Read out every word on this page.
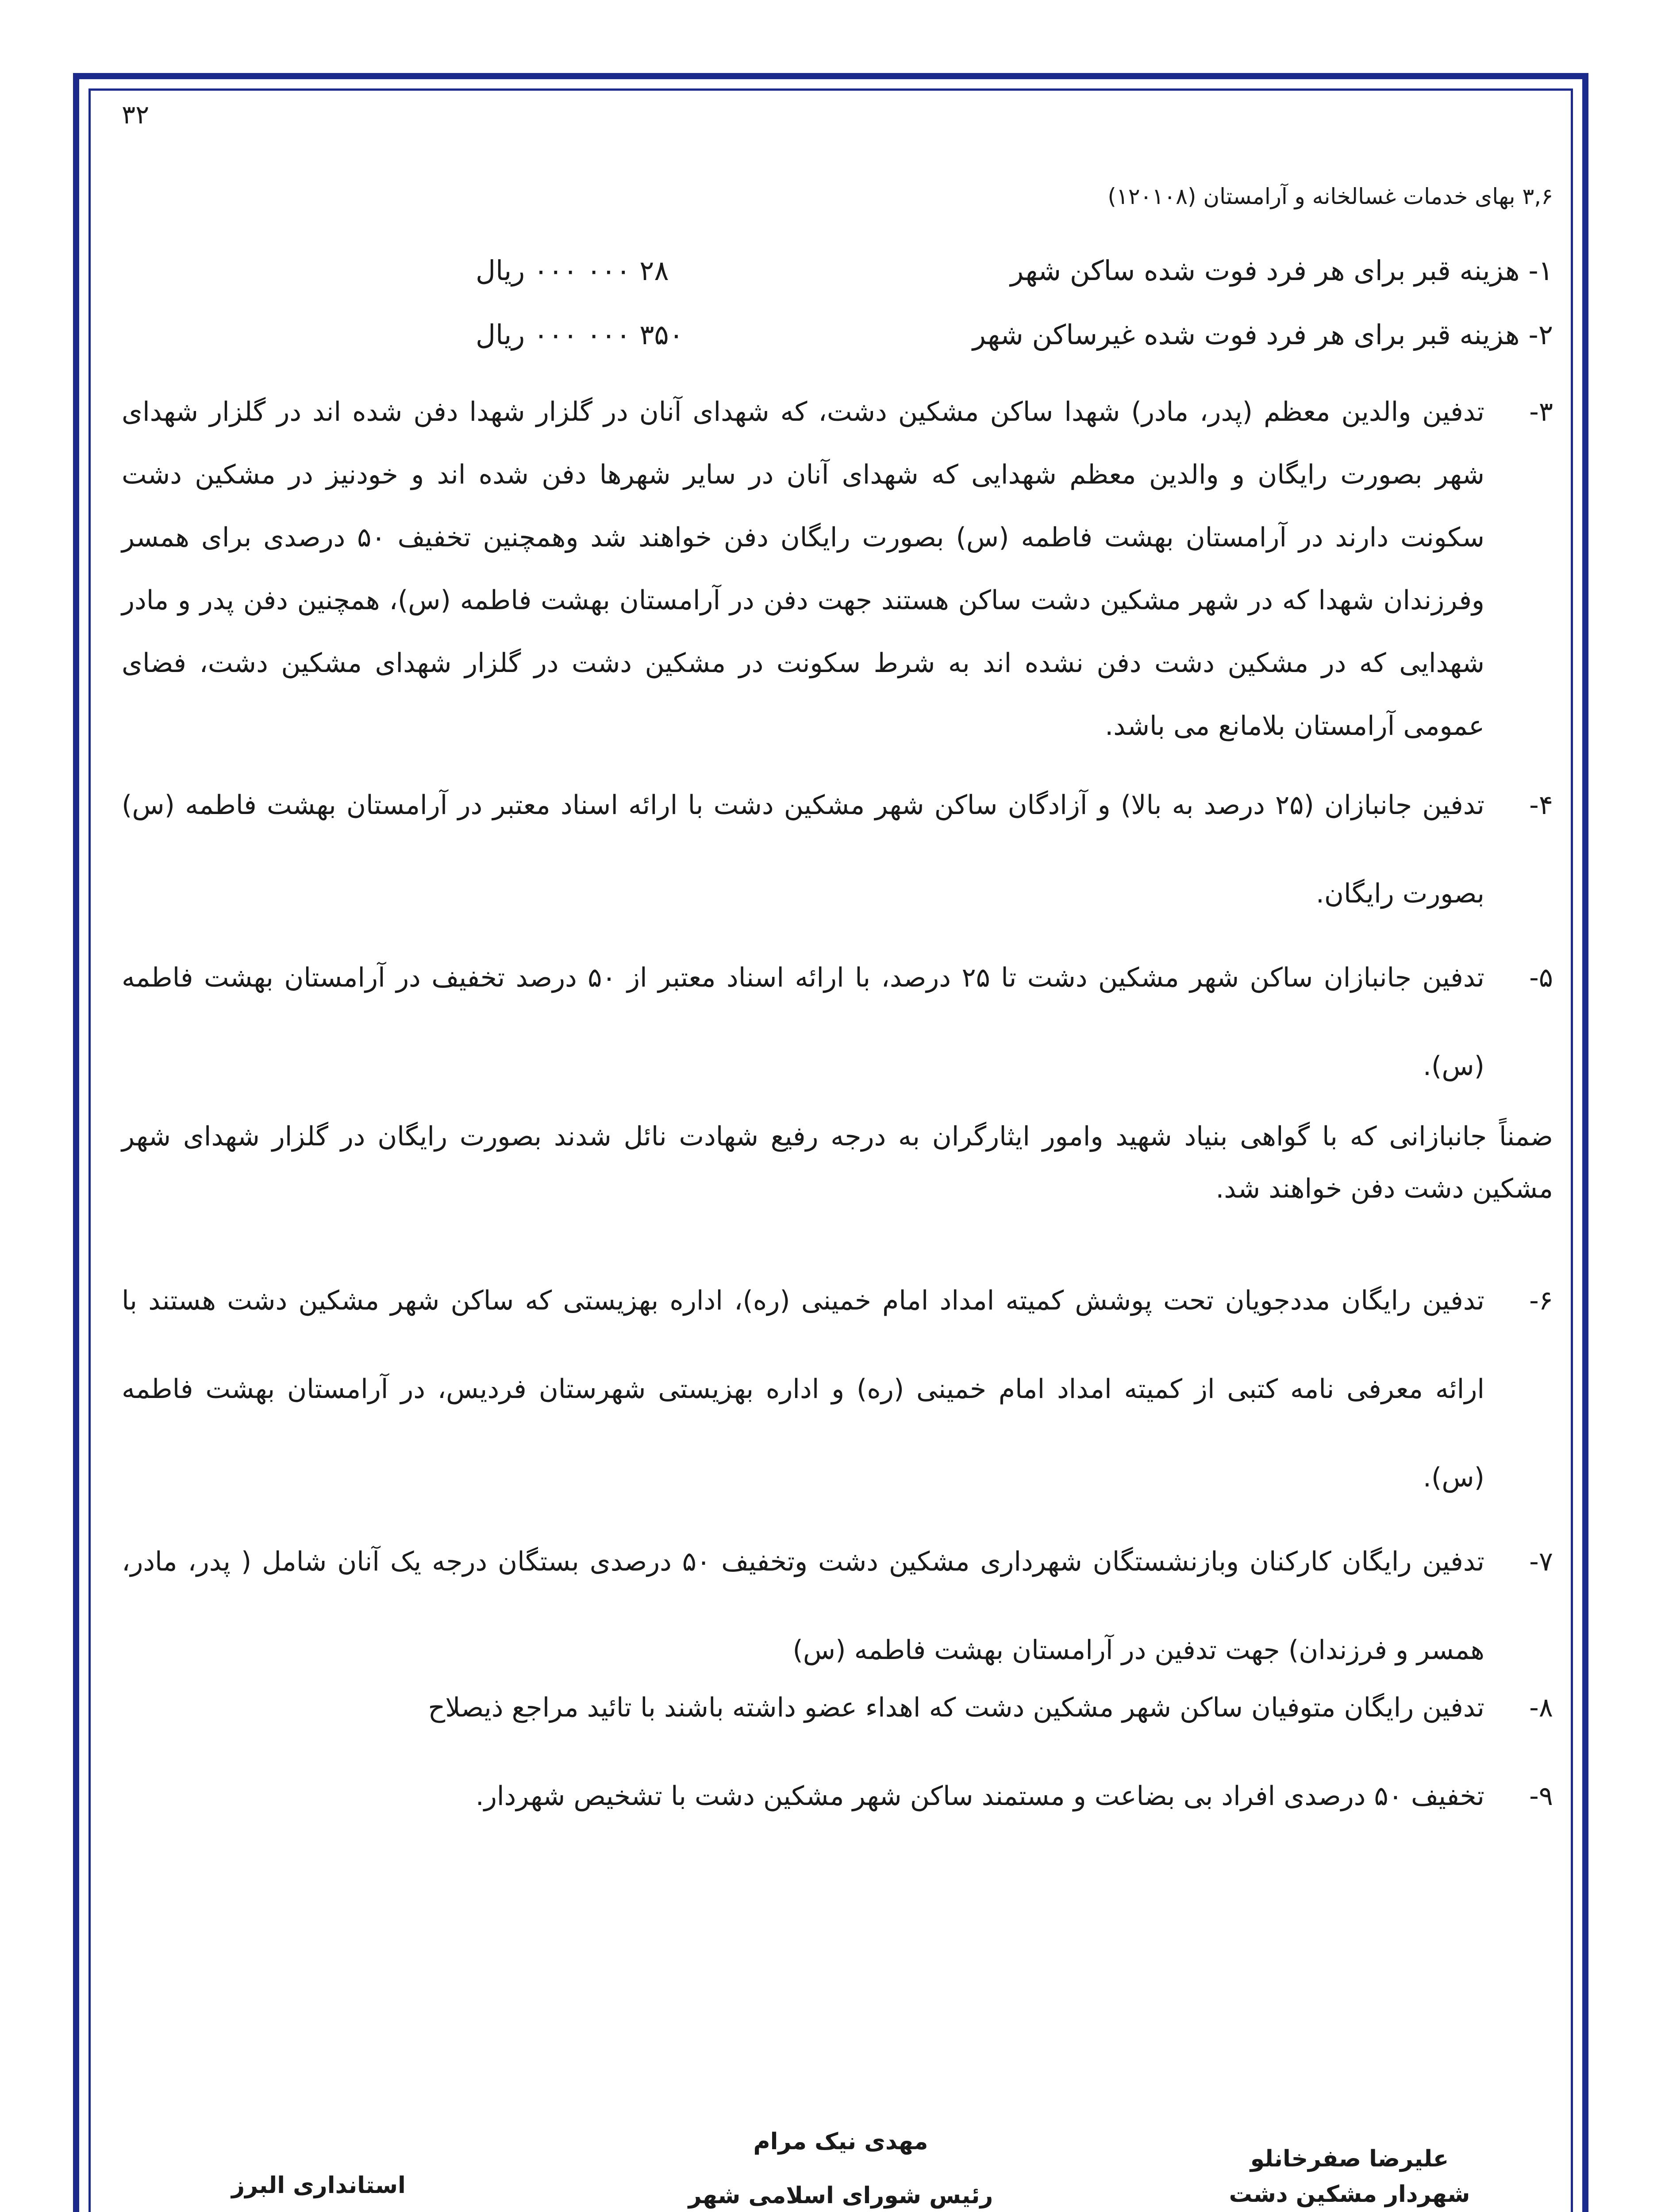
۳۲
۳,۶ بهای خدمات غسالخانه و آرامستان (۱۲۰۱۰۸)
۱- هزینه قبر برای هر فرد فوت شده ساکن شهر
۲۸ ۰۰۰ ۰۰۰ ریال
۲- هزینه قبر برای هر فرد فوت شده غیرساکن شهر
۳۵۰ ۰۰۰ ۰۰۰ ریال
۳-
تدفین والدین معظم (پدر، مادر) شهدا ساکن مشکین دشت، که شهدای آنان در گلزار شهدا دفن شده اند در گلزار شهدای شهر بصورت رایگان و والدین معظم شهدایی که شهدای آنان در سایر شهرها دفن شده اند و خودنیز در مشکین دشت سکونت دارند در آرامستان بهشت فاطمه (س) بصورت رایگان دفن خواهند شد وهمچنین تخفیف ۵۰ درصدی برای همسر وفرزندان شهدا که در شهر مشکین دشت ساکن هستند جهت دفن در آرامستان بهشت فاطمه (س)، همچنین دفن پدر و مادر شهدایی که در مشکین دشت دفن نشده اند به شرط سکونت در مشکین دشت در گلزار شهدای مشکین دشت، فضای عمومی آرامستان بلامانع می باشد.
۴-
تدفین جانبازان (۲۵ درصد به بالا) و آزادگان ساکن شهر مشکین دشت با ارائه اسناد معتبر در آرامستان بهشت فاطمه (س) بصورت رایگان.
۵-
تدفین جانبازان ساکن شهر مشکین دشت تا ۲۵ درصد، با ارائه اسناد معتبر از ۵۰ درصد تخفیف در آرامستان بهشت فاطمه (س).
ضمناً جانبازانی که با گواهی بنیاد شهید وامور ایثارگران به درجه رفیع شهادت نائل شدند بصورت رایگان در گلزار شهدای شهر مشکین دشت دفن خواهند شد.
۶-
تدفین رایگان مددجویان تحت پوشش کمیته امداد امام خمینی (ره)، اداره بهزیستی که ساکن شهر مشکین دشت هستند با ارائه معرفی نامه کتبی از کمیته امداد امام خمینی (ره) و اداره بهزیستی شهرستان فردیس، در آرامستان بهشت فاطمه (س).
۷-
تدفین رایگان کارکنان وبازنشستگان شهرداری مشکین دشت وتخفیف ۵۰ درصدی بستگان درجه یک آنان شامل ( پدر، مادر، همسر و فرزندان) جهت تدفین در آرامستان بهشت فاطمه (س)
۸-
تدفین رایگان متوفیان ساکن شهر مشکین دشت که اهداء عضو داشته باشند با تائید مراجع ذیصلاح
۹-
تخفیف ۵۰ درصدی افراد بی بضاعت و مستمند ساکن شهر مشکین دشت با تشخیص شهردار.
علیرضا صفرخانلو
شهردار مشکین دشت
مهدی نیک مرام
رئیس شورای اسلامی شهر
استانداری البرز
